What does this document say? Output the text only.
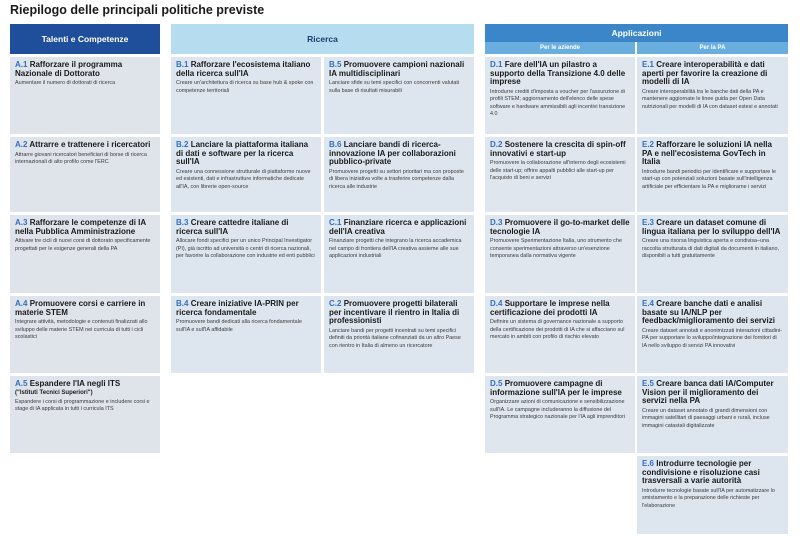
Riepilogo delle principali politiche previste
Talenti e Competenze	Ricerca
Applicazioni
Per le aziende	Per la PA
A.1 Rafforzare il programma Nazionale di Dottorato
Aumentare il numero di dottorati di ricerca
A.2 Attrarre e trattenere i ricercatori
Attrarre giovani ricercatori beneficiari di borse di ricerca internazionali di alto profilo come l'ERC
A.3 Rafforzare le competenze di IA nella Pubblica Amministrazione
Attivare tre cicli di nuovi corsi di dottorato specificamente progettati per le esigenze generali della PA
A.4 Promuovere corsi e carriere in materie STEM
Integrare attività, metodologie e contenuti finalizzati allo sviluppo delle materie STEM nei curricula di tutti i cicli scolastici
A.5 Espandere l'IA negli ITS
("Istituti Tecnici Superiori")
Espandere i corsi di programmazione e includere corsi e stage di IA applicata in tutti i curricula ITS
B.1 Rafforzare l'ecosistema italiano della ricerca sull'IA
Creare un'architettura di ricerca su base hub & spoke con competenze territoriali
B.2 Lanciare la piattaforma italiana di dati e software per la ricerca sull'IA
Creare una connessione strutturale di piattaforme nuove ed esistenti, dati e infrastrutture informatiche dedicate all'IA, con librerie open-source
B.3 Creare cattedre italiane di ricerca sull'IA
Allocare fondi specifici per un unico Principal Investigator (PI), già iscritto ad università o centri di ricerca nazionali, per favorire la collaborazione con industrie ed enti pubblici
B.4 Creare iniziative IA-PRIN per ricerca fondamentale
Promuovere bandi dedicati alla ricerca fondamentale sull'IA e sull'IA affidabile
B.5 Promuovere campioni nazionali IA multidisciplinari
Lanciare sfide su temi specifici con concorrenti valutati sulla base di risultati misurabili
B.6 Lanciare bandi di ricerca-innovazione IA per collaborazioni pubblico-private
Promuovere progetti su settori prioritari ma con proposte di libera iniziativa volte a trasferire competenze dalla ricerca alle industrie
C.1 Finanziare ricerca e applicazioni dell'IA creativa
Finanziare progetti che integrano la ricerca accademica nel campo di frontiera dell'IA creativa assieme alle sue applicazioni industriali
C.2 Promuovere progetti bilaterali per incentivare il rientro in Italia di professionisti
Lanciare bandi per progetti incentrati su temi specifici definiti da priorità italiane cofinanziati da un altro Paese con rientro in Italia di almeno un ricercatore
D.1 Fare dell'IA un pilastro a supporto della Transizione 4.0 delle imprese
Introdurre crediti d'imposta a voucher per l'assunzione di profili STEM; aggiornamento dell'elenco delle spese software e hardware ammissibili agli incentivi transizione 4.0
D.2 Sostenere la crescita di spin-off innovativi e start-up
Promuovere la collaborazione all'interno degli ecosistemi delle start-up; offrire appalti pubblici alle start-up per l'acquisto di beni e servizi
D.3 Promuovere il go-to-market delle tecnologie IA
Promuovere Sperimentazione Italia, uno strumento che consente sperimentazioni attraverso un'esenzione temporanea dalla normativa vigente
D.4 Supportare le imprese nella certificazione dei prodotti IA
Definire un sistema di governance nazionale a supporto della certificazione dei prodotti di IA che si affacciano sul mercato in ambiti con profilo di rischio elevato
D.5 Promuovere campagne di informazione sull'IA per le imprese
Organizzare azioni di comunicazione e sensibilizzazione sull'IA. Le campagne includeranno la diffusione del Programma strategico nazionale per l'IA agli imprenditori
E.1 Creare interoperabilità e dati aperti per favorire la creazione di modelli di IA
Creare interoperabilità tra le banche dati della PA e mantenere aggiornate le linee guida per Open Data nutrizionali per modelli di IA con dataset estesi e annotati
E.2 Rafforzare le soluzioni IA nella PA e nell'ecosistema GovTech in Italia
Introdurre bandi periodici per identificare e supportare le start-up con potenziali soluzioni basate sull'intelligenza artificiale per efficientare la PA e migliorarne i servizi
E.3 Creare un dataset comune di lingua italiana per lo sviluppo dell'IA
Creare una risorsa linguistica aperta e condivisa–una raccolta strutturata di dati digitali da documenti in italiano, disponibili a tutti gratuitamente
E.4 Creare banche dati e analisi basate su IA/NLP per feedback/miglioramento dei servizi
Creare dataset annotati e anonimizzati interazioni cittadini-PA per supportare lo sviluppo/integrazione dei fornitori di IA nello sviluppo di servizi PA innovativi
E.5 Creare banca dati IA/Computer Vision per il miglioramento dei servizi nella PA
Creare un dataset annotato di grandi dimensioni con immagini satellitari di paesaggi urbani e rurali, incluse immagini catastali digitalizzate
E.6 Introdurre tecnologie per condivisione e risoluzione casi trasversali a varie autorità
Introdurre tecnologie basate sull'IA per automatizzare lo smistamento e la preparazione delle richieste per l'elaborazione
